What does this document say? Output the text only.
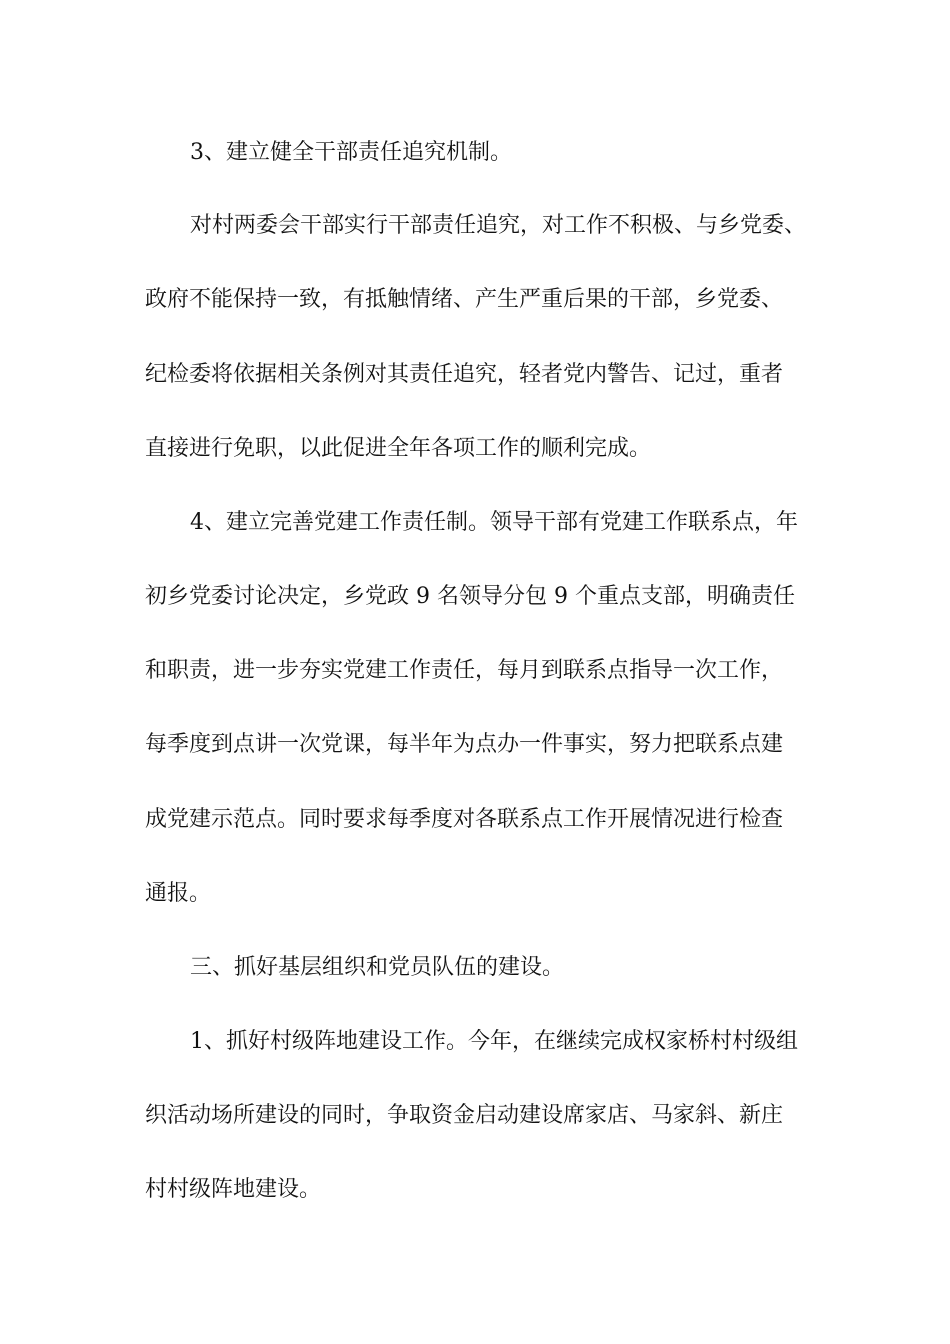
3、建立健全干部责任追究机制。
对村两委会干部实行干部责任追究，对工作不积极、与乡党委、
政府不能保持一致，有抵触情绪、产生严重后果的干部，乡党委、
纪检委将依据相关条例对其责任追究，轻者党内警告、记过，重者
直接进行免职，以此促进全年各项工作的顺利完成。
4、建立完善党建工作责任制。领导干部有党建工作联系点，年
初乡党委讨论决定，乡党政 9 名领导分包 9 个重点支部，明确责任
和职责，进一步夯实党建工作责任，每月到联系点指导一次工作，
每季度到点讲一次党课，每半年为点办一件事实，努力把联系点建
成党建示范点。同时要求每季度对各联系点工作开展情况进行检查
通报。
三、抓好基层组织和党员队伍的建设。
1、抓好村级阵地建设工作。今年，在继续完成权家桥村村级组
织活动场所建设的同时，争取资金启动建设席家店、马家斜、新庄
村村级阵地建设。
